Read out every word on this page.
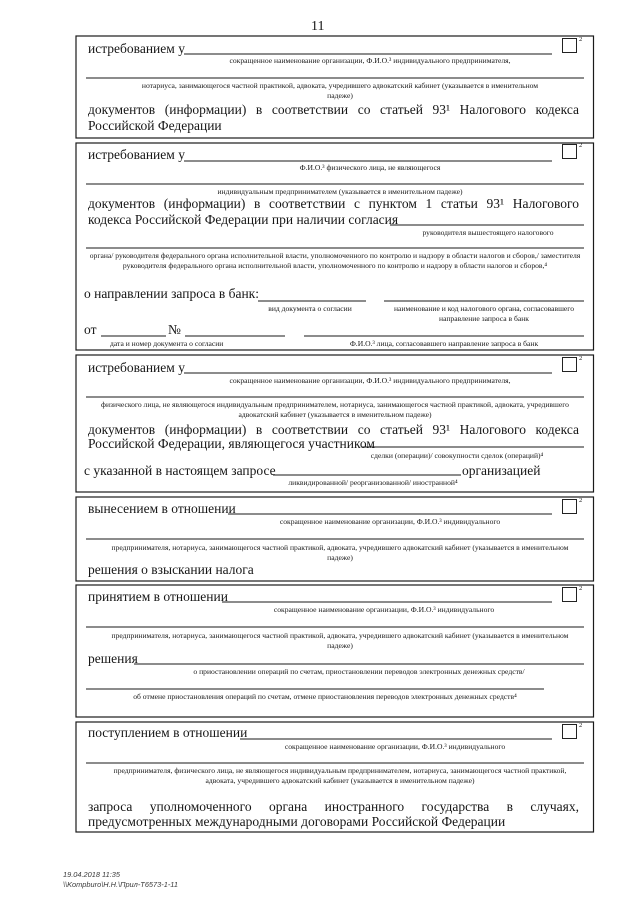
11
истребованием у
2
сокращенное наименование организации, Ф.И.О.³ индивидуального предпринимателя,
нотариуса, занимающегося частной практикой, адвоката, учредившего адвокатский кабинет (указывается в именительном падеже)
документов (информации) в соответствии со статьей 93¹ Налогового кодекса
Российской Федерации
истребованием у
2
Ф.И.О.³ физического лица, не являющегося
индивидуальным предпринимателем (указывается в именительном падеже)
документов (информации) в соответствии с пунктом 1 статьи 93¹ Налогового
кодекса Российской Федерации при наличии согласия
руководителя вышестоящего налогового
органа/ руководителя федерального органа исполнительной власти, уполномоченного по контролю и надзору в области налогов и сборов,/ заместителя руководителя федерального органа исполнительной власти, уполномоченного по контролю и надзору в области налогов и сборов,⁴
о направлении запроса в банк:
вид документа о согласии	наименование и код налогового органа, согласовавшего направление запроса в банк
от	№
дата и номер документа о согласии	Ф.И.О.³ лица, согласовавшего направление запроса в банк
истребованием у
2
сокращенное наименование организации, Ф.И.О.³ индивидуального предпринимателя,
физического лица, не являющегося индивидуальным предпринимателем, нотариуса, занимающегося частной практикой, адвоката, учредившего адвокатский кабинет (указывается в именительном падеже)
документов (информации) в соответствии со статьей 93¹ Налогового кодекса
Российской Федерации, являющегося участником
сделки (операции)/ совокупности сделок (операций)⁴
с указанной в настоящем запросе	организацией
ликвидированной/ реорганизованной/ иностранной⁴
вынесением в отношении
2
сокращенное наименование организации, Ф.И.О.³ индивидуального
предпринимателя, нотариуса, занимающегося частной практикой, адвоката, учредившего адвокатский кабинет (указывается в именительном падеже)
решения о взыскании налога
принятием в отношении
2
сокращенное наименование организации, Ф.И.О.³ индивидуального
предпринимателя, нотариуса, занимающегося частной практикой, адвоката, учредившего адвокатский кабинет (указывается в именительном падеже)
решения
о приостановлении операций по счетам, приостановлении переводов электронных денежных средств/
об отмене приостановления операций по счетам, отмене приостановления переводов электронных денежных средств⁴
поступлением в отношении	2
сокращенное наименование организации, Ф.И.О.³ индивидуального
предпринимателя, физического лица, не являющегося индивидуальным предпринимателем, нотариуса, занимающегося частной практикой, адвоката, учредившего адвокатский кабинет (указывается в именительном падеже)
запроса уполномоченного органа иностранного государства в случаях,
предусмотренных международными договорами Российской Федерации
19.04.2018 11:35
\\Kompburo\Н.Н.\Прил-Т6573-1-11
